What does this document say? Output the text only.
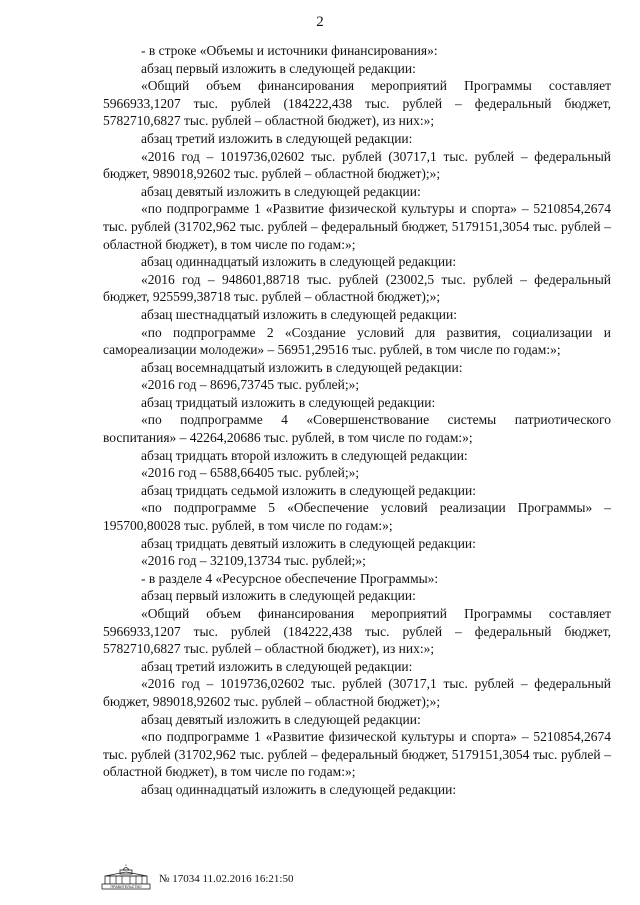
2

- в строке «Объемы и источники финансирования»:

абзац первый изложить в следующей редакции:

«Общий объем финансирования мероприятий Программы составляет 5966933,1207 тыс. рублей (184222,438 тыс. рублей – федеральный бюджет, 5782710,6827 тыс. рублей – областной бюджет), из них:»;

абзац третий изложить в следующей редакции:

«2016 год – 1019736,02602 тыс. рублей (30717,1 тыс. рублей – федеральный бюджет, 989018,92602 тыс. рублей – областной бюджет);»;

абзац девятый изложить в следующей редакции:

«по подпрограмме 1 «Развитие физической культуры и спорта» – 5210854,2674 тыс. рублей (31702,962 тыс. рублей – федеральный бюджет, 5179151,3054 тыс. рублей – областной бюджет), в том числе по годам:»;

абзац одиннадцатый изложить в следующей редакции:

«2016 год – 948601,88718 тыс. рублей (23002,5 тыс. рублей – федеральный бюджет, 925599,38718 тыс. рублей – областной бюджет);»;

абзац шестнадцатый изложить в следующей редакции:

«по подпрограмме 2 «Создание условий для развития, социализации и самореализации молодежи» – 56951,29516 тыс. рублей, в том числе по годам:»;

абзац восемнадцатый изложить в следующей редакции:

«2016 год – 8696,73745 тыс. рублей;»;

абзац тридцатый изложить в следующей редакции:

«по подпрограмме 4 «Совершенствование системы патриотического воспитания» – 42264,20686 тыс. рублей, в том числе по годам:»;

абзац тридцать второй изложить в следующей редакции:

«2016 год – 6588,66405 тыс. рублей;»;

абзац тридцать седьмой изложить в следующей редакции:

«по подпрограмме 5 «Обеспечение условий реализации Программы» – 195700,80028 тыс. рублей, в том числе по годам:»;

абзац тридцать девятый изложить в следующей редакции:

«2016 год – 32109,13734 тыс. рублей;»;

- в разделе 4 «Ресурсное обеспечение Программы»:

абзац первый изложить в следующей редакции:

«Общий объем финансирования мероприятий Программы составляет 5966933,1207 тыс. рублей (184222,438 тыс. рублей – федеральный бюджет, 5782710,6827 тыс. рублей – областной бюджет), из них:»;

абзац третий изложить в следующей редакции:

«2016 год – 1019736,02602 тыс. рублей (30717,1 тыс. рублей – федеральный бюджет, 989018,92602 тыс. рублей – областной бюджет);»;

абзац девятый изложить в следующей редакции:

«по подпрограмме 1 «Развитие физической культуры и спорта» – 5210854,2674 тыс. рублей (31702,962 тыс. рублей – федеральный бюджет, 5179151,3054 тыс. рублей – областной бюджет), в том числе по годам:»;

абзац одиннадцатый изложить в следующей редакции:

ПРАВИТЕЛЬСТВО
№ 17034 11.02.2016 16:21:50
